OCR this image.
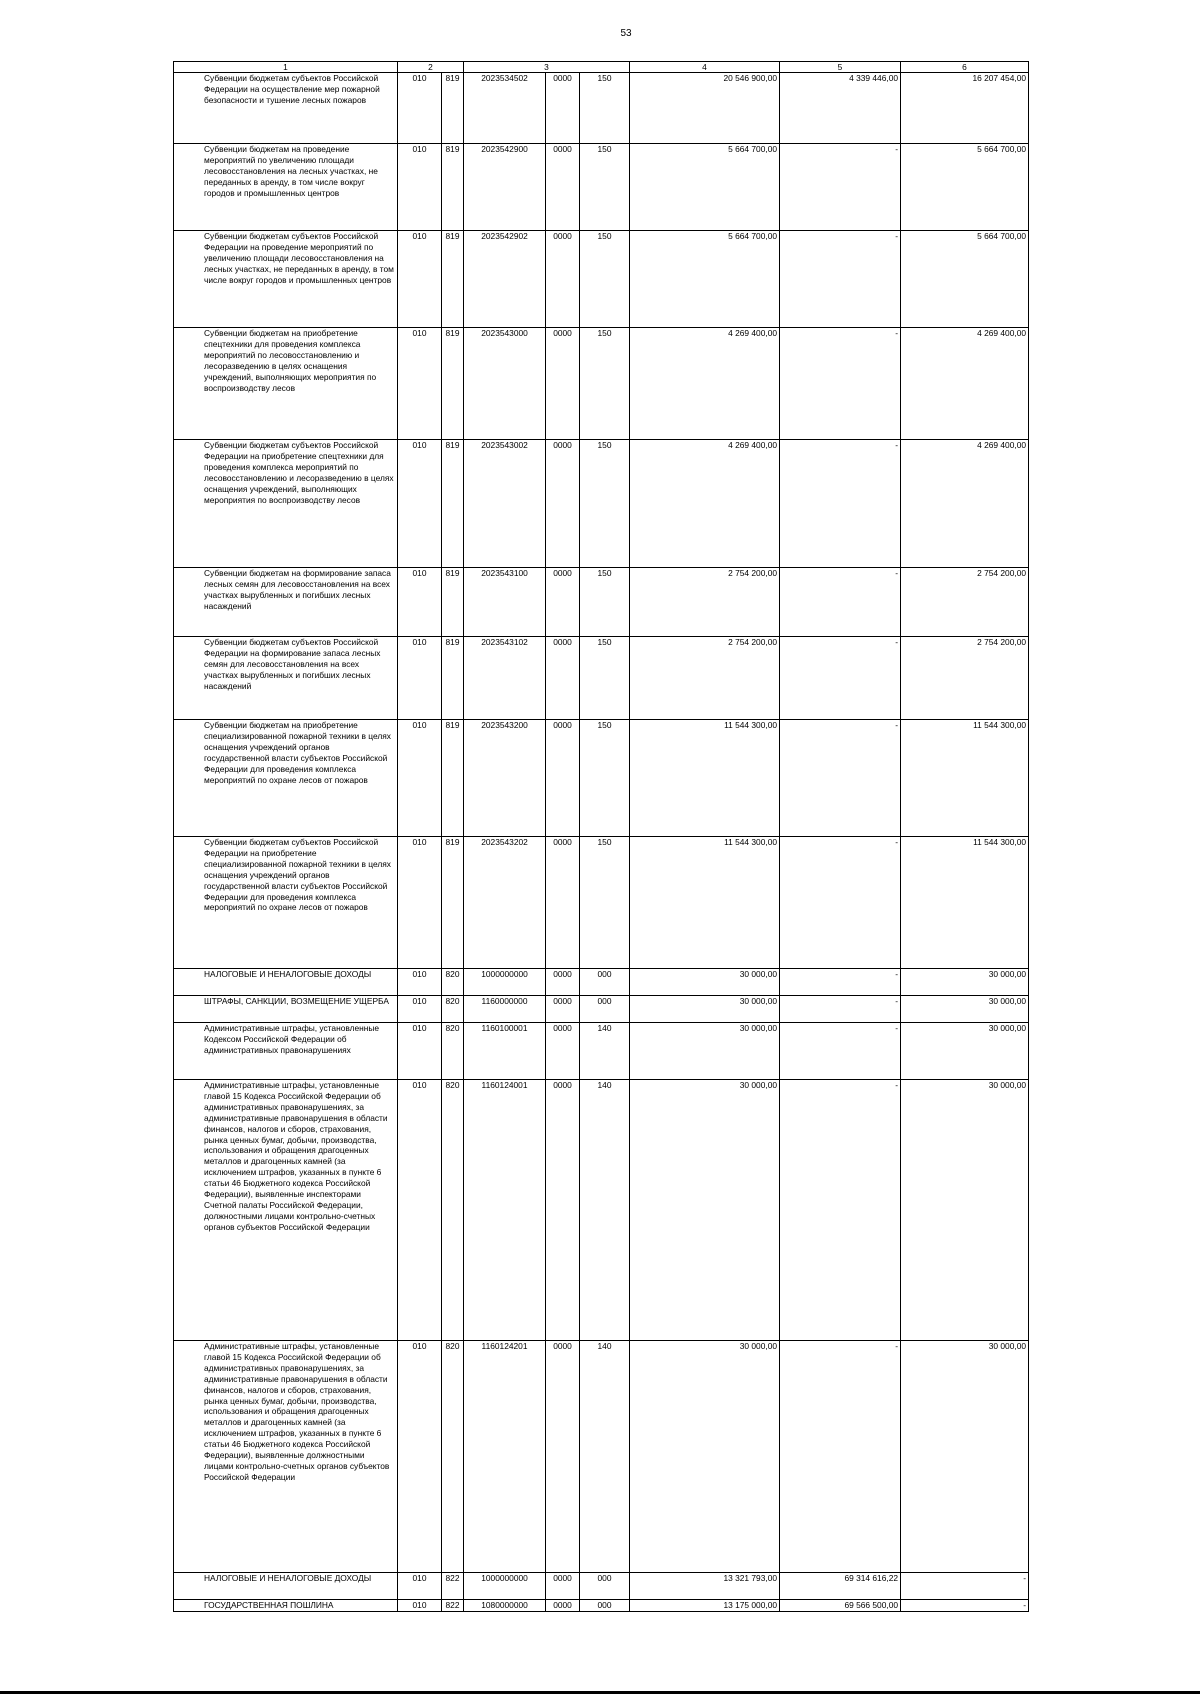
53
1	2		3			4	5	6
Субвенции бюджетам субъектов Российской Федерации на осуществление мер пожарной безопасности и тушение лесных пожаров	010	819	2023534502	0000	150	20 546 900,00	4 339 446,00	16 207 454,00
Субвенции бюджетам на проведение мероприятий по увеличению площади лесовосстановления на лесных участках, не переданных в аренду, в том числе вокруг городов и промышленных центров	010	819	2023542900	0000	150	5 664 700,00	-	5 664 700,00
Субвенции бюджетам субъектов Российской Федерации на проведение мероприятий по увеличению площади лесовосстановления на лесных участках, не переданных в аренду, в том числе вокруг городов и промышленных центров	010	819	2023542902	0000	150	5 664 700,00	-	5 664 700,00
Субвенции бюджетам на приобретение спецтехники для проведения комплекса мероприятий по лесовосстановлению и лесоразведению в целях оснащения учреждений, выполняющих мероприятия по воспроизводству лесов	010	819	2023543000	0000	150	4 269 400,00	-	4 269 400,00
Субвенции бюджетам субъектов Российской Федерации на приобретение спецтехники для проведения комплекса мероприятий по лесовосстановлению и лесоразведению в целях оснащения учреждений, выполняющих мероприятия по воспроизводству лесов	010	819	2023543002	0000	150	4 269 400,00	-	4 269 400,00
Субвенции бюджетам на формирование запаса лесных семян для лесовосстановления на всех участках вырубленных и погибших лесных насаждений	010	819	2023543100	0000	150	2 754 200,00	-	2 754 200,00
Субвенции бюджетам субъектов Российской Федерации на формирование запаса лесных семян для лесовосстановления на всех участках вырубленных и погибших лесных насаждений	010	819	2023543102	0000	150	2 754 200,00	-	2 754 200,00
Субвенции бюджетам на приобретение специализированной пожарной техники в целях оснащения учреждений органов государственной власти субъектов Российской Федерации для проведения комплекса мероприятий по охране лесов от пожаров	010	819	2023543200	0000	150	11 544 300,00	-	11 544 300,00
Субвенции бюджетам субъектов Российской Федерации на приобретение специализированной пожарной техники в целях оснащения учреждений органов государственной власти субъектов Российской Федерации для проведения комплекса мероприятий по охране лесов от пожаров	010	819	2023543202	0000	150	11 544 300,00	-	11 544 300,00
НАЛОГОВЫЕ И НЕНАЛОГОВЫЕ ДОХОДЫ	010	820	1000000000	0000	000	30 000,00	-	30 000,00
ШТРАФЫ, САНКЦИИ, ВОЗМЕЩЕНИЕ УЩЕРБА	010	820	1160000000	0000	000	30 000,00	-	30 000,00
Административные штрафы, установленные Кодексом Российской Федерации об административных правонарушениях	010	820	1160100001	0000	140	30 000,00	-	30 000,00
Административные штрафы, установленные главой 15 Кодекса Российской Федерации об административных правонарушениях, за административные правонарушения в области финансов, налогов и сборов, страхования, рынка ценных бумаг, добычи, производства, использования и обращения драгоценных металлов и драгоценных камней (за исключением штрафов, указанных в пункте 6 статьи 46 Бюджетного кодекса Российской Федерации), выявленные инспекторами Счетной палаты Российской Федерации, должностными лицами контрольно-счетных органов субъектов Российской Федерации	010	820	1160124001	0000	140	30 000,00	-	30 000,00
Административные штрафы, установленные главой 15 Кодекса Российской Федерации об административных правонарушениях, за административные правонарушения в области финансов, налогов и сборов, страхования, рынка ценных бумаг, добычи, производства, использования и обращения драгоценных металлов и драгоценных камней (за исключением штрафов, указанных в пункте 6 статьи 46 Бюджетного кодекса Российской Федерации), выявленные должностными лицами контрольно-счетных органов субъектов Российской Федерации	010	820	1160124201	0000	140	30 000,00	-	30 000,00
НАЛОГОВЫЕ И НЕНАЛОГОВЫЕ ДОХОДЫ	010	822	1000000000	0000	000	13 321 793,00	69 314 616,22	-
ГОСУДАРСТВЕННАЯ ПОШЛИНА	010	822	1080000000	0000	000	13 175 000,00	69 566 500,00	-
